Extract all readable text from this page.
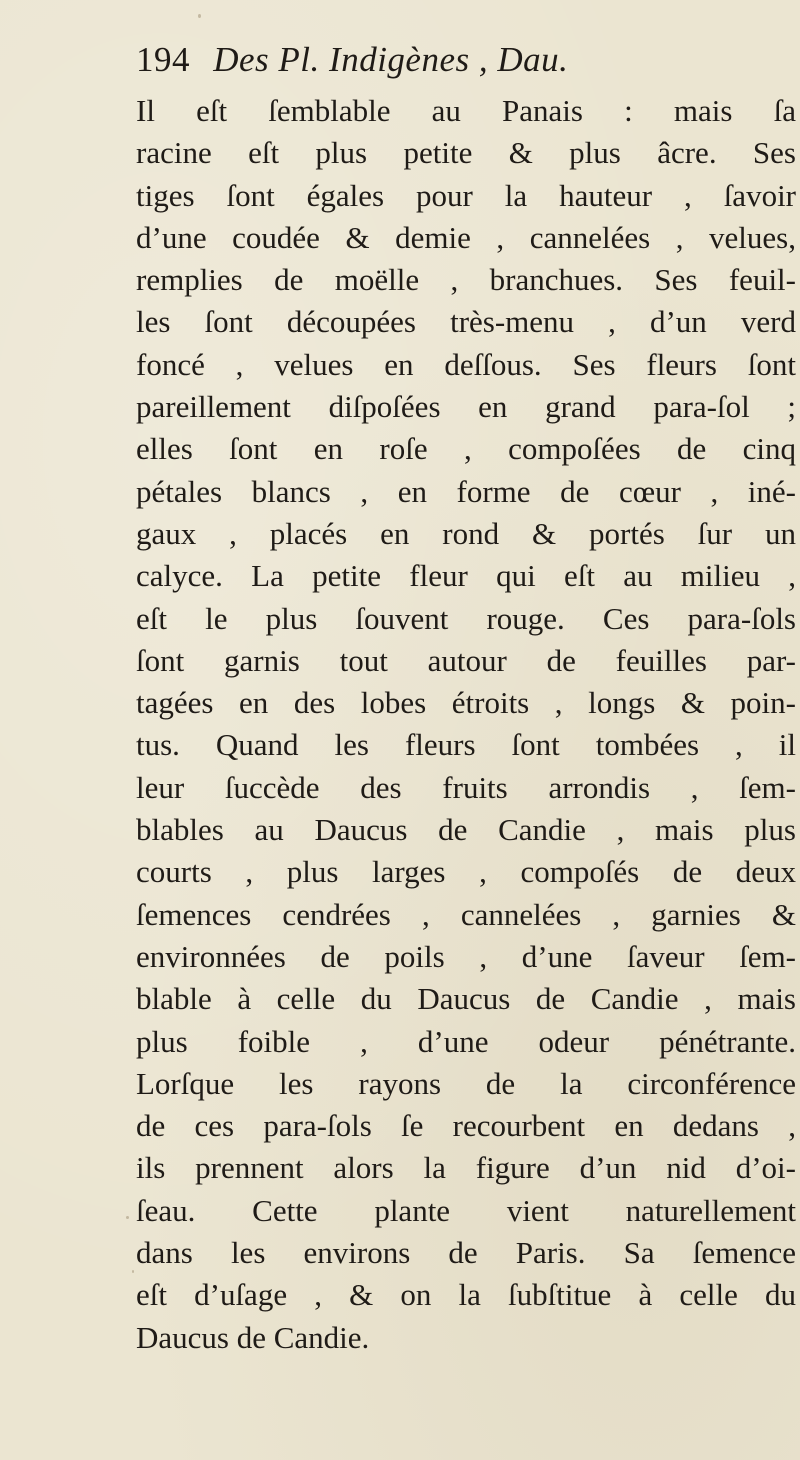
194 Des Pl. Indigènes , Dau.
Il eſt ſemblable au Panais : mais ſa
racine eſt plus petite & plus âcre. Ses
tiges ſont égales pour la hauteur , ſavoir
d’une coudée & demie , cannelées , velues,
remplies de moëlle , branchues. Ses feuil-
les ſont découpées très-menu , d’un verd
foncé , velues en deſſous. Ses fleurs ſont
pareillement diſpoſées en grand para-ſol ;
elles ſont en roſe , compoſées de cinq
pétales blancs , en forme de cœur , iné-
gaux , placés en rond & portés ſur un
calyce. La petite fleur qui eſt au milieu ,
eſt le plus ſouvent rouge. Ces para-ſols
ſont garnis tout autour de feuilles par-
tagées en des lobes étroits , longs & poin-
tus. Quand les fleurs ſont tombées , il
leur ſuccède des fruits arrondis , ſem-
blables au Daucus de Candie , mais plus
courts , plus larges , compoſés de deux
ſemences cendrées , cannelées , garnies &
environnées de poils , d’une ſaveur ſem-
blable à celle du Daucus de Candie , mais
plus foible , d’une odeur pénétrante.
Lorſque les rayons de la circonférence
de ces para-ſols ſe recourbent en dedans ,
ils prennent alors la figure d’un nid d’oi-
ſeau. Cette plante vient naturellement
dans les environs de Paris. Sa ſemence
eſt d’uſage , & on la ſubſtitue à celle du
Daucus de Candie.
